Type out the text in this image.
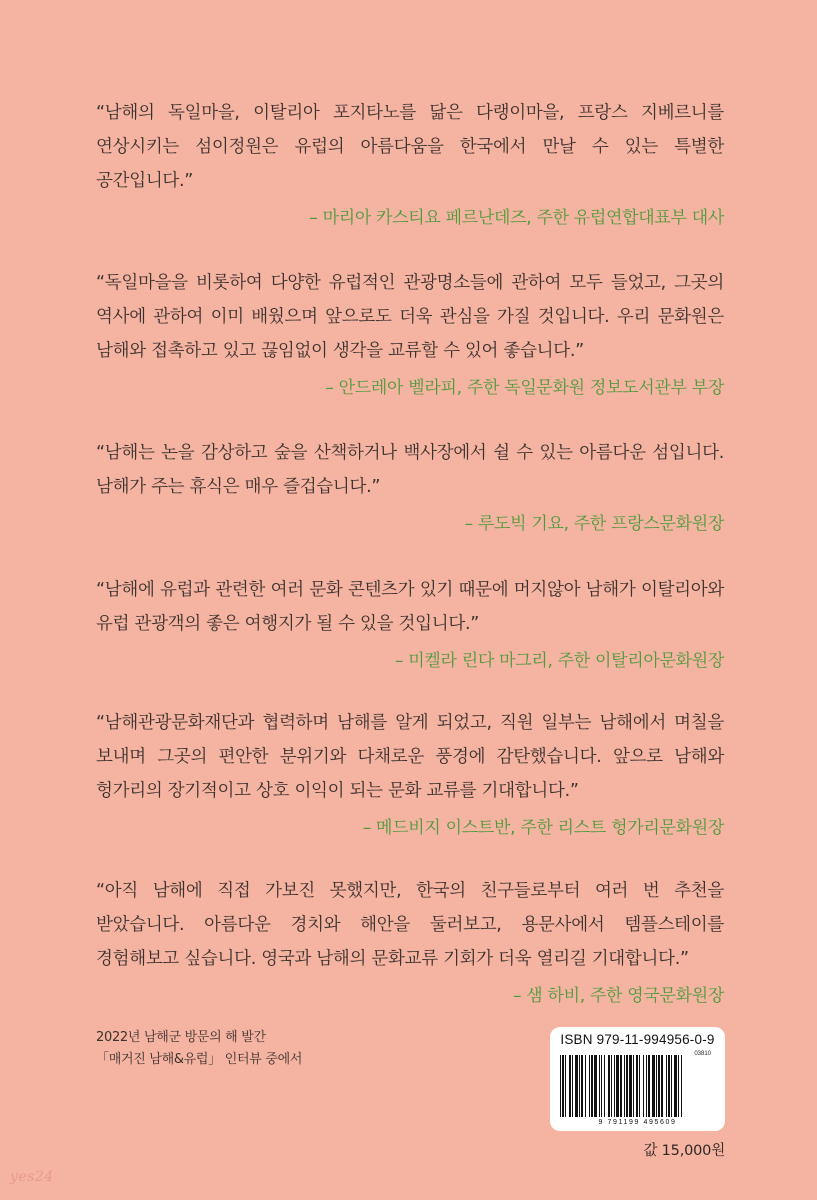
“남해의 독일마을, 이탈리아 포지타노를 닮은 다랭이마을, 프랑스 지베르니를 연상시키는 섬이정원은 유럽의 아름다움을 한국에서 만날 수 있는 특별한 공간입니다.”

– 마리아 카스티요 페르난데즈, 주한 유럽연합대표부 대사

“독일마을을 비롯하여 다양한 유럽적인 관광명소들에 관하여 모두 들었고, 그곳의 역사에 관하여 이미 배웠으며 앞으로도 더욱 관심을 가질 것입니다. 우리 문화원은 남해와 접촉하고 있고 끊임없이 생각을 교류할 수 있어 좋습니다.”

– 안드레아 벨라피, 주한 독일문화원 정보도서관부 부장

“남해는 논을 감상하고 숲을 산책하거나 백사장에서 쉴 수 있는 아름다운 섬입니다. 남해가 주는 휴식은 매우 즐겁습니다.”

– 루도빅 기요, 주한 프랑스문화원장

“남해에 유럽과 관련한 여러 문화 콘텐츠가 있기 때문에 머지않아 남해가 이탈리아와 유럽 관광객의 좋은 여행지가 될 수 있을 것입니다.”

– 미켈라 린다 마그리, 주한 이탈리아문화원장

“남해관광문화재단과 협력하며 남해를 알게 되었고, 직원 일부는 남해에서 며칠을 보내며 그곳의 편안한 분위기와 다채로운 풍경에 감탄했습니다. 앞으로 남해와 헝가리의 장기적이고 상호 이익이 되는 문화 교류를 기대합니다.”

– 메드비지 이스트반, 주한 리스트 헝가리문화원장

“아직 남해에 직접 가보진 못했지만, 한국의 친구들로부터 여러 번 추천을 받았습니다. 아름다운 경치와 해안을 둘러보고, 용문사에서 템플스테이를 경험해보고 싶습니다. 영국과 남해의 문화교류 기회가 더욱 열리길 기대합니다.”

– 샘 하비, 주한 영국문화원장

2022년 남해군 방문의 해 발간
「매거진 남해&유럽」 인터뷰 중에서
ISBN 979-11-994956-0-9
03810
9 791199 495609
값 15,000원
yes24
